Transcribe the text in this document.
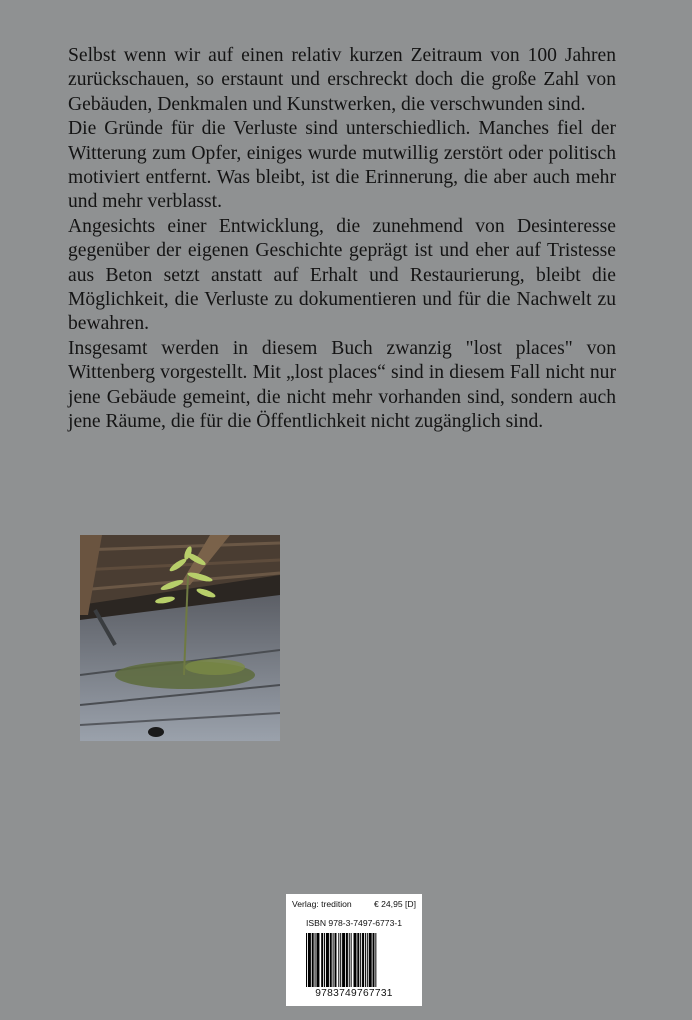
Selbst wenn wir auf einen relativ kurzen Zeitraum von 100 Jahren zurückschauen, so erstaunt und erschreckt doch die große Zahl von Gebäuden, Denkmalen und Kunstwerken, die verschwunden sind.

Die Gründe für die Verluste sind unterschiedlich. Manches fiel der Witterung zum Opfer, einiges wurde mutwillig zerstört oder politisch motiviert entfernt. Was bleibt, ist die Erinnerung, die aber auch mehr und mehr verblasst.

Angesichts einer Entwicklung, die zunehmend von Desinteresse gegenüber der eigenen Geschichte geprägt ist und eher auf Tristesse aus Beton setzt anstatt auf Erhalt und Restaurierung, bleibt die Möglichkeit, die Verluste zu dokumentieren und für die Nachwelt zu bewahren.

Insgesamt werden in diesem Buch zwanzig "lost places" von Wittenberg vorgestellt. Mit „lost places“ sind in diesem Fall nicht nur jene Gebäude gemeint, die nicht mehr vorhanden sind, sondern auch jene Räume, die für die Öffentlichkeit nicht zugänglich sind.

Verlag: tredition	€ 24,95 [D]
ISBN 978-3-7497-6773-1
9783749767731
